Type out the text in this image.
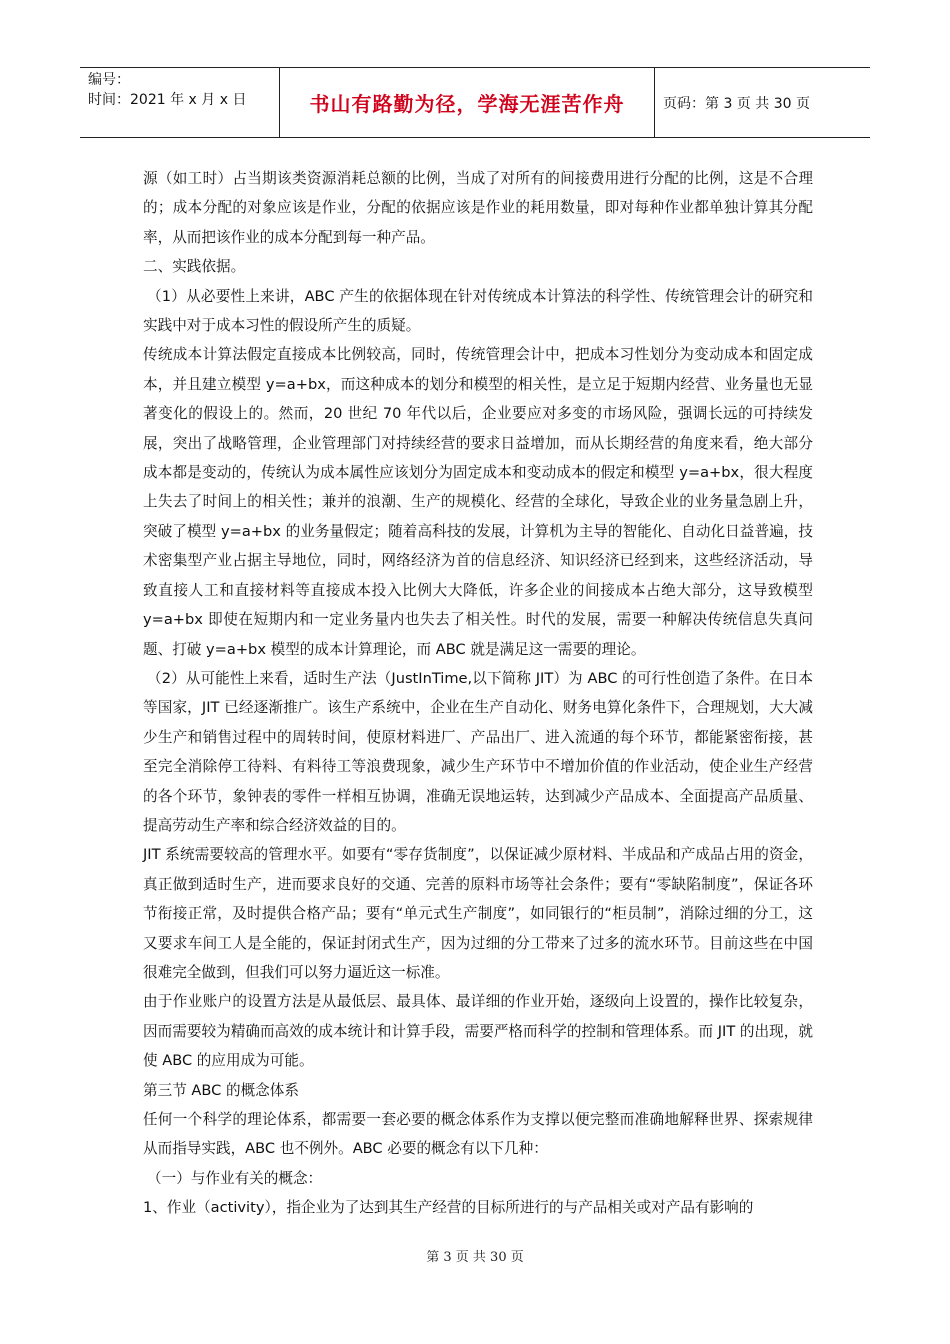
编号：
时间：2021 年 x 月 x 日	书山有路勤为径，学海无涯苦作舟	页码：第 3 页 共 30 页

源（如工时）占当期该类资源消耗总额的比例，当成了对所有的间接费用进行分配的比例，这是不合理的；成本分配的对象应该是作业，分配的依据应该是作业的耗用数量，即对每种作业都单独计算其分配率，从而把该作业的成本分配到每一种产品。

二、实践依据。

（1）从必要性上来讲，ABC 产生的依据体现在针对传统成本计算法的科学性、传统管理会计的研究和实践中对于成本习性的假设所产生的质疑。

传统成本计算法假定直接成本比例较高，同时，传统管理会计中，把成本习性划分为变动成本和固定成本，并且建立模型 y=a+bx，而这种成本的划分和模型的相关性，是立足于短期内经营、业务量也无显著变化的假设上的。然而，20 世纪 70 年代以后，企业要应对多变的市场风险，强调长远的可持续发展，突出了战略管理，企业管理部门对持续经营的要求日益增加，而从长期经营的角度来看，绝大部分成本都是变动的，传统认为成本属性应该划分为固定成本和变动成本的假定和模型 y=a+bx，很大程度上失去了时间上的相关性；兼并的浪潮、生产的规模化、经营的全球化，导致企业的业务量急剧上升，突破了模型 y=a+bx 的业务量假定；随着高科技的发展，计算机为主导的智能化、自动化日益普遍，技术密集型产业占据主导地位，同时，网络经济为首的信息经济、知识经济已经到来，这些经济活动，导致直接人工和直接材料等直接成本投入比例大大降低，许多企业的间接成本占绝大部分，这导致模型 y=a+bx 即使在短期内和一定业务量内也失去了相关性。时代的发展，需要一种解决传统信息失真问题、打破 y=a+bx 模型的成本计算理论，而 ABC 就是满足这一需要的理论。

（2）从可能性上来看，适时生产法（JustInTime,以下简称 JIT）为 ABC 的可行性创造了条件。在日本等国家，JIT 已经逐渐推广。该生产系统中，企业在生产自动化、财务电算化条件下，合理规划，大大减少生产和销售过程中的周转时间，使原材料进厂、产品出厂、进入流通的每个环节，都能紧密衔接，甚至完全消除停工待料、有料待工等浪费现象，减少生产环节中不增加价值的作业活动，使企业生产经营的各个环节，象钟表的零件一样相互协调，准确无误地运转，达到减少产品成本、全面提高产品质量、提高劳动生产率和综合经济效益的目的。

JIT 系统需要较高的管理水平。如要有“零存货制度”，以保证减少原材料、半成品和产成品占用的资金，真正做到适时生产，进而要求良好的交通、完善的原料市场等社会条件；要有“零缺陷制度”，保证各环节衔接正常，及时提供合格产品；要有“单元式生产制度”，如同银行的“柜员制”，消除过细的分工，这又要求车间工人是全能的，保证封闭式生产，因为过细的分工带来了过多的流水环节。目前这些在中国很难完全做到，但我们可以努力逼近这一标准。

由于作业账户的设置方法是从最低层、最具体、最详细的作业开始，逐级向上设置的，操作比较复杂，因而需要较为精确而高效的成本统计和计算手段，需要严格而科学的控制和管理体系。而 JIT 的出现，就使 ABC 的应用成为可能。

第三节 ABC 的概念体系

任何一个科学的理论体系，都需要一套必要的概念体系作为支撑以便完整而准确地解释世界、探索规律从而指导实践，ABC 也不例外。ABC 必要的概念有以下几种：

（一）与作业有关的概念：

1、作业（activity），指企业为了达到其生产经营的目标所进行的与产品相关或对产品有影响的

第 3 页 共 30 页
